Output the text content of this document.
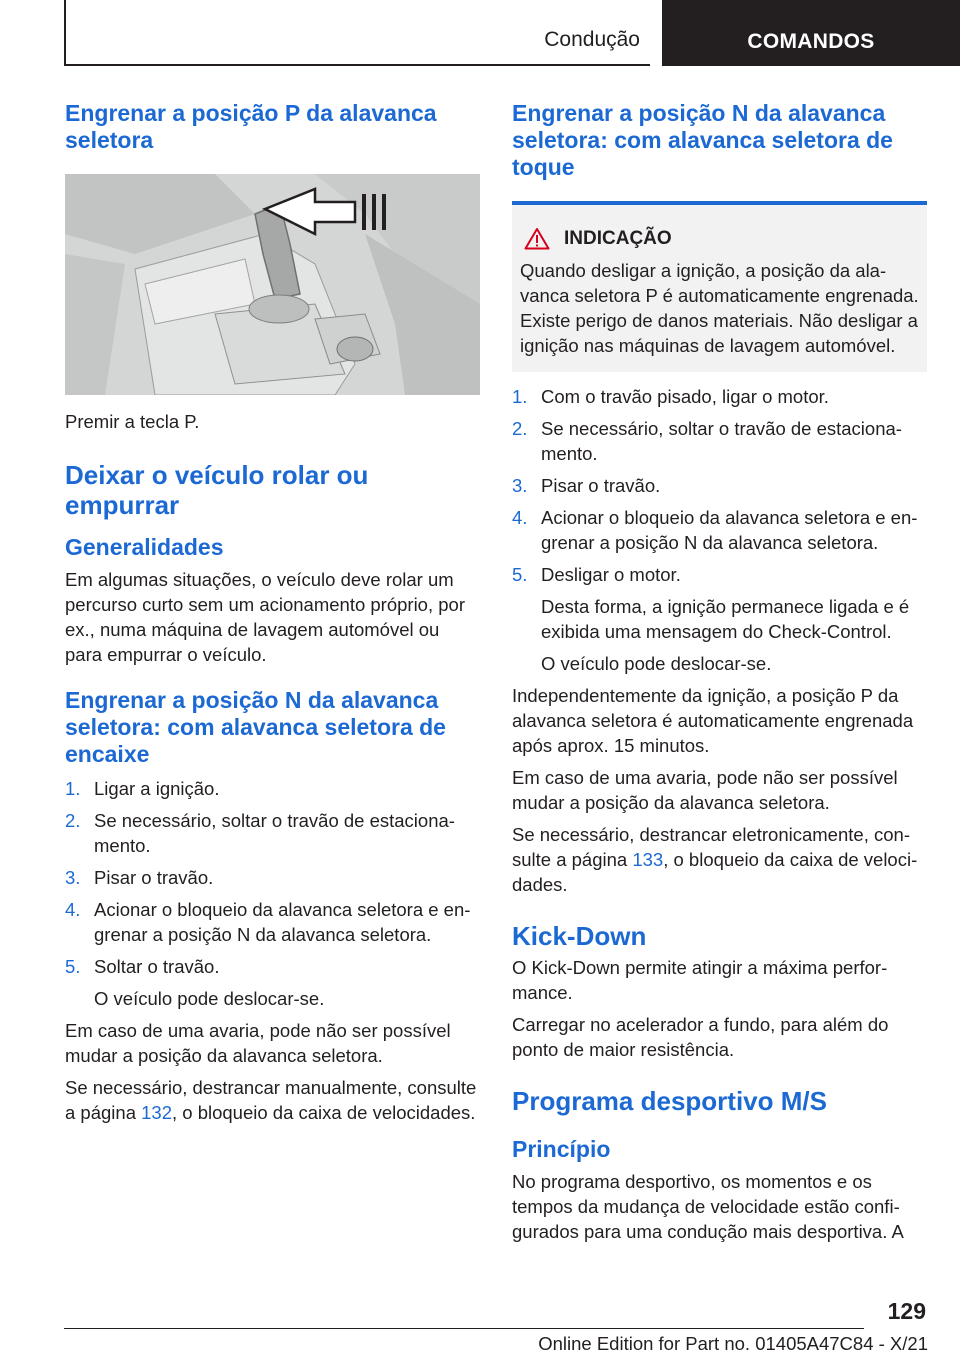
Condução	COMANDOS
Engrenar a posição P da alavanca seletora

Premir a tecla P.

Deixar o veículo rolar ou empurrar
Generalidades

Em algumas situações, o veículo deve rolar um percurso curto sem um acionamento próprio, por ex., numa máquina de lavagem automóvel ou para empurrar o veículo.

Engrenar a posição N da alavanca seletora: com alavanca seletora de encaixe
1. Ligar a ignição.
2. Se necessário, soltar o travão de estacionamento.
3. Pisar o travão.
4. Acionar o bloqueio da alavanca seletora e engrenar a posição N da alavanca seletora.
5. Soltar o travão.

O veículo pode deslocar-se.

Em caso de uma avaria, pode não ser possível mudar a posição da alavanca seletora.

Se necessário, destrancar manualmente, consulte a página 132, o bloqueio da caixa de velocidades.

Engrenar a posição N da alavanca seletora: com alavanca seletora de toque
INDICAÇÃO

Quando desligar a ignição, a posição da alavanca seletora P é automaticamente engrenada. Existe perigo de danos materiais. Não desligar a ignição nas máquinas de lavagem automóvel.

1. Com o travão pisado, ligar o motor.
2. Se necessário, soltar o travão de estacionamento.
3. Pisar o travão.
4. Acionar o bloqueio da alavanca seletora e engrenar a posição N da alavanca seletora.
5. Desligar o motor.

Desta forma, a ignição permanece ligada e é exibida uma mensagem do Check-Control.

O veículo pode deslocar-se.

Independentemente da ignição, a posição P da alavanca seletora é automaticamente engrenada após aprox. 15 minutos.

Em caso de uma avaria, pode não ser possível mudar a posição da alavanca seletora.

Se necessário, destrancar eletronicamente, consulte a página 133, o bloqueio da caixa de velocidades.

Kick-Down

O Kick-Down permite atingir a máxima performance.

Carregar no acelerador a fundo, para além do ponto de maior resistência.

Programa desportivo M/S
Princípio

No programa desportivo, os momentos e os tempos da mudança de velocidade estão configurados para uma condução mais desportiva. A

129
Online Edition for Part no. 01405A47C84 - X/21
